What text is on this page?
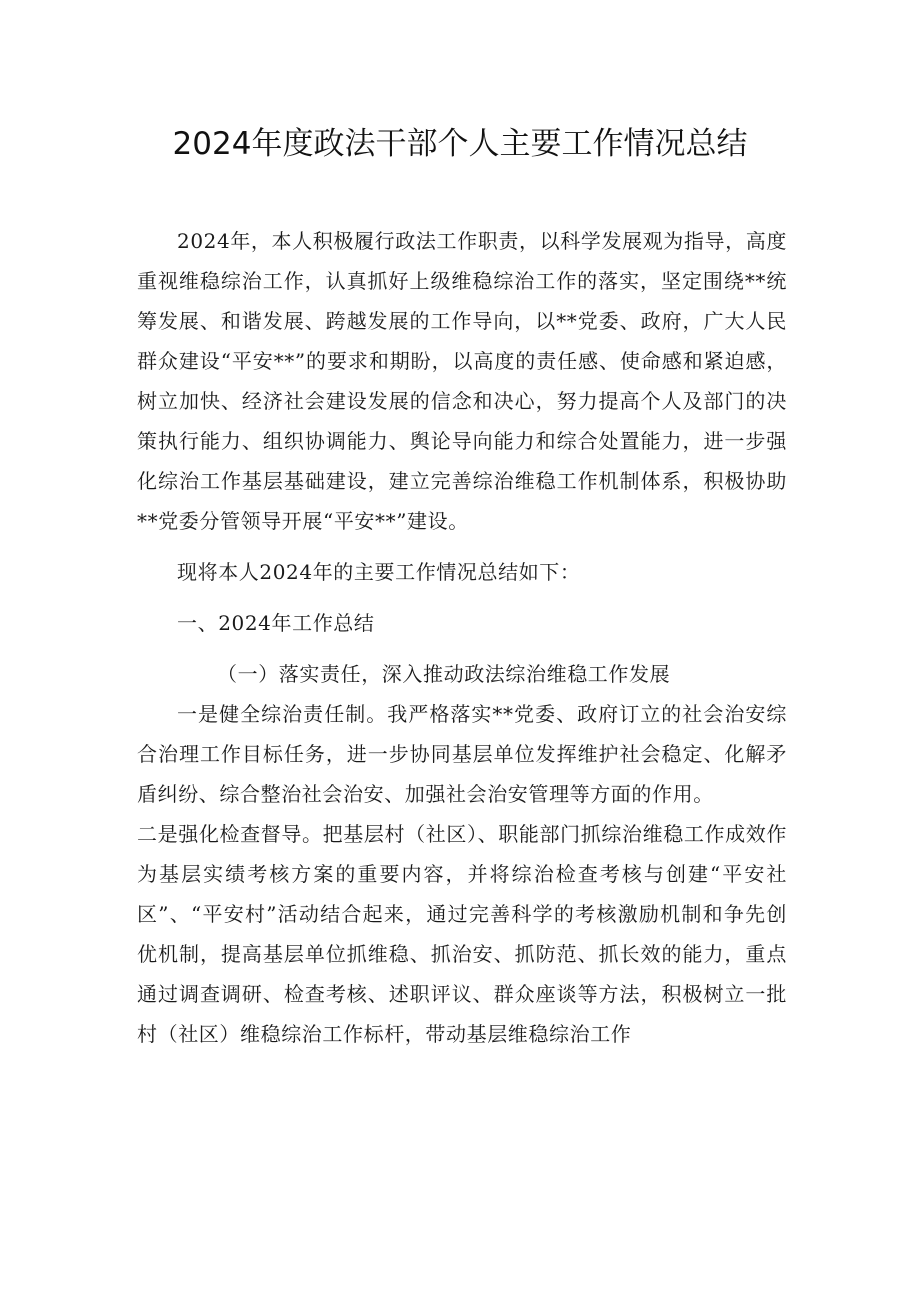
2024年度政法干部个人主要工作情况总结

2024年，本人积极履行政法工作职责，以科学发展观为指导，高度重视维稳综治工作，认真抓好上级维稳综治工作的落实，坚定围绕**统筹发展、和谐发展、跨越发展的工作导向，以**党委、政府，广大人民群众建设“平安**”的要求和期盼，以高度的责任感、使命感和紧迫感，树立加快、经济社会建设发展的信念和决心，努力提高个人及部门的决策执行能力、组织协调能力、舆论导向能力和综合处置能力，进一步强化综治工作基层基础建设，建立完善综治维稳工作机制体系，积极协助**党委分管领导开展“平安**”建设。

现将本人2024年的主要工作情况总结如下：

一、2024年工作总结

（一）落实责任，深入推动政法综治维稳工作发展

一是健全综治责任制。我严格落实**党委、政府订立的社会治安综合治理工作目标任务，进一步协同基层单位发挥维护社会稳定、化解矛盾纠纷、综合整治社会治安、加强社会治安管理等方面的作用。

二是强化检查督导。把基层村（社区）、职能部门抓综治维稳工作成效作为基层实绩考核方案的重要内容，并将综治检查考核与创建“平安社区”、“平安村”活动结合起来，通过完善科学的考核激励机制和争先创优机制，提高基层单位抓维稳、抓治安、抓防范、抓长效的能力，重点通过调查调研、检查考核、述职评议、群众座谈等方法，积极树立一批村（社区）维稳综治工作标杆，带动基层维稳综治工作
